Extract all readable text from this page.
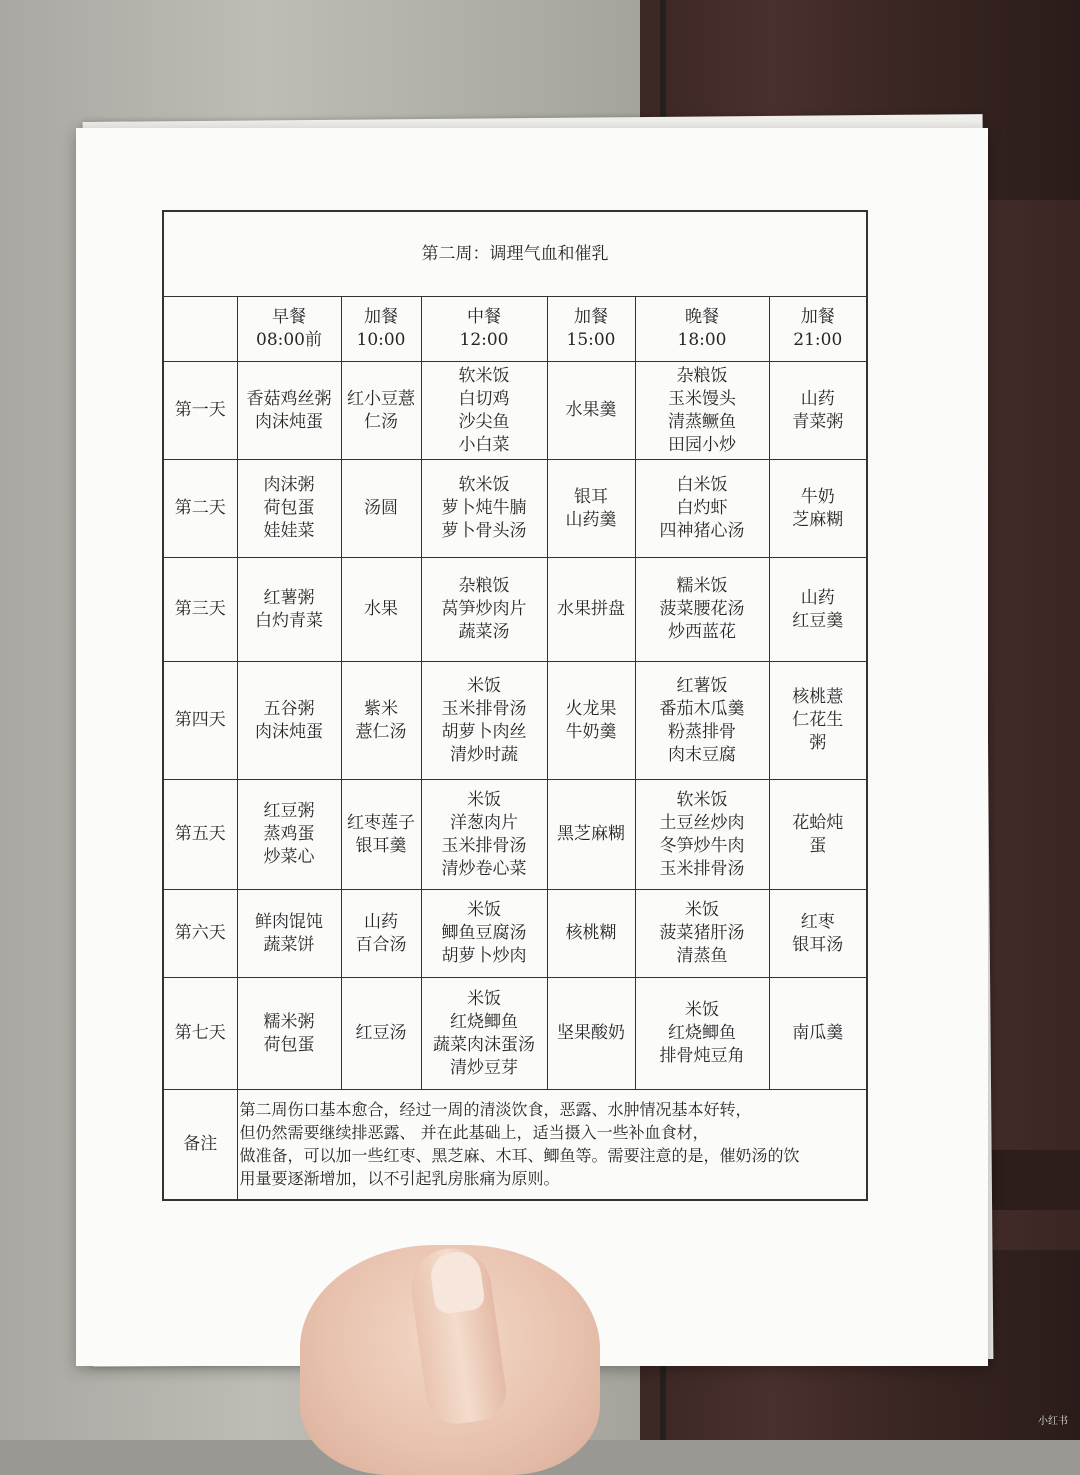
第二周：调理气血和催乳						

	早餐
08:00前	加餐
10:00	中餐
12:00	加餐
15:00	晚餐
18:00	加餐
21:00

第一天	香菇鸡丝粥
肉沫炖蛋	红小豆薏
仁汤	软米饭
白切鸡
沙尖鱼
小白菜	水果羹	杂粮饭
玉米馒头
清蒸鳜鱼
田园小炒	山药
青菜粥

第二天	肉沫粥
荷包蛋
娃娃菜	汤圆	软米饭
萝卜炖牛腩
萝卜骨头汤	银耳
山药羹	白米饭
白灼虾
四神猪心汤	牛奶
芝麻糊

第三天	红薯粥
白灼青菜	水果	杂粮饭
莴笋炒肉片
蔬菜汤	水果拼盘	糯米饭
菠菜腰花汤
炒西蓝花	山药
红豆羹

第四天	五谷粥
肉沫炖蛋	紫米
薏仁汤	米饭
玉米排骨汤
胡萝卜肉丝
清炒时蔬	火龙果
牛奶羹	红薯饭
番茄木瓜羹
粉蒸排骨
肉末豆腐	核桃薏
仁花生
粥

第五天	红豆粥
蒸鸡蛋
炒菜心	红枣莲子
银耳羹	米饭
洋葱肉片
玉米排骨汤
清炒卷心菜	黑芝麻糊	软米饭
土豆丝炒肉
冬笋炒牛肉
玉米排骨汤	花蛤炖
蛋

第六天	鲜肉馄饨
蔬菜饼	山药
百合汤	米饭
鲫鱼豆腐汤
胡萝卜炒肉	核桃糊	米饭
菠菜猪肝汤
清蒸鱼	红枣
银耳汤

第七天	糯米粥
荷包蛋	红豆汤	米饭
红烧鲫鱼
蔬菜肉沫蛋汤
清炒豆芽	坚果酸奶	米饭
红烧鲫鱼
排骨炖豆角	南瓜羹

备注	第二周伤口基本愈合，经过一周的清淡饮食，恶露、水肿情况基本好转，
但仍然需要继续排恶露、 并在此基础上，适当摄入一些补血食材，
做准备，可以加一些红枣、黑芝麻、木耳、鲫鱼等。需要注意的是，催奶汤的饮
用量要逐渐增加，以不引起乳房胀痛为原则。					
小红书
